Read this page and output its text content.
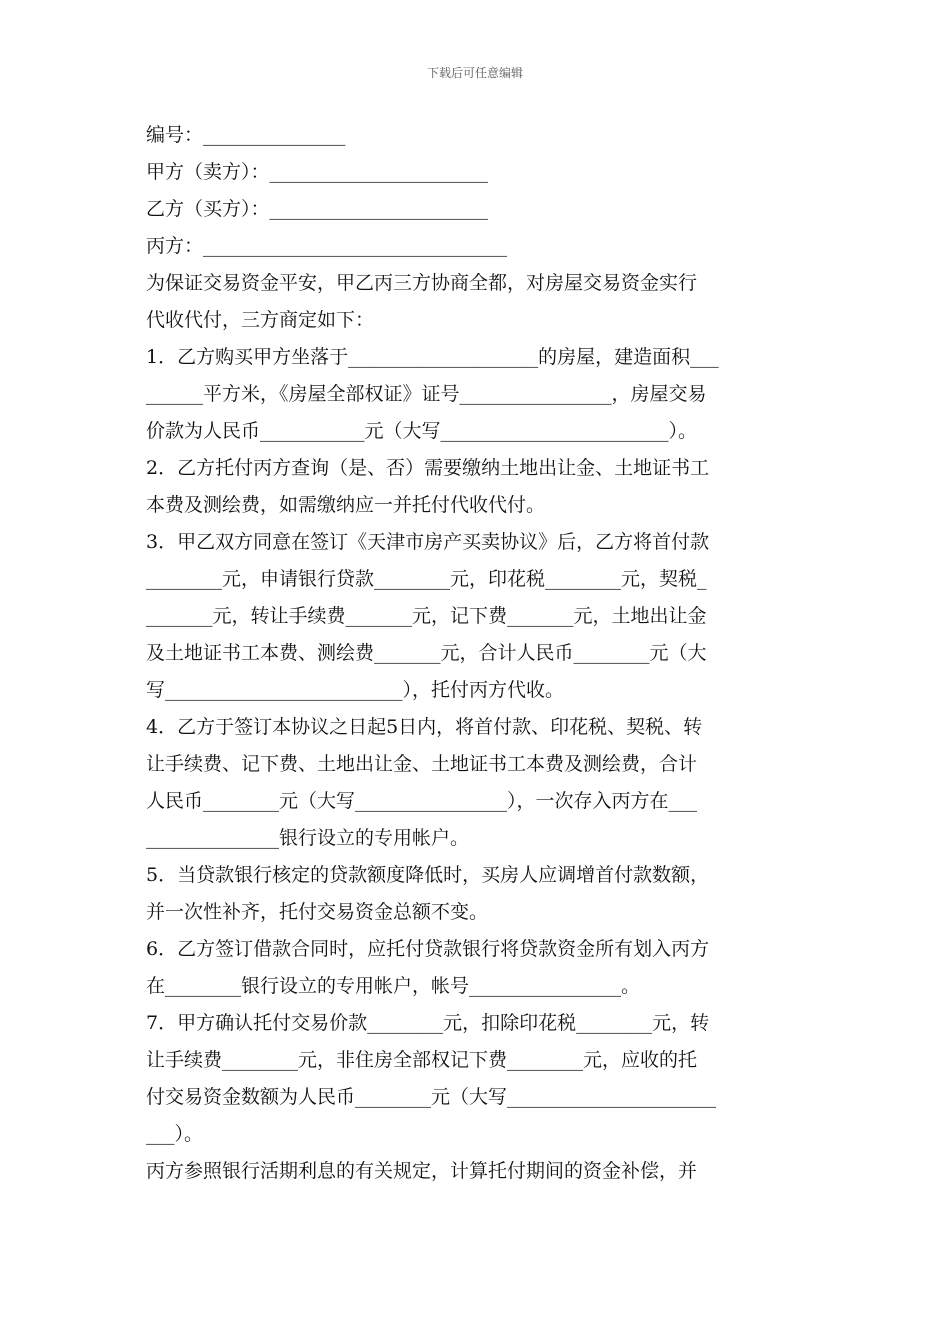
下载后可任意编辑

编号：_______________

甲方（卖方）：_______________________

乙方（买方）：_______________________

丙方：________________________________

为保证交易资金平安，甲乙丙三方协商全都，对房屋交易资金实行

代收代付，三方商定如下：

1．乙方购买甲方坐落于____________________的房屋，建造面积___

______平方米，《房屋全部权证》证号________________，房屋交易

价款为人民币___________元（大写________________________）。

2．乙方托付丙方查询（是、否）需要缴纳土地出让金、土地证书工

本费及测绘费，如需缴纳应一并托付代收代付。

3．甲乙双方同意在签订《天津市房产买卖协议》后，乙方将首付款

________元，申请银行贷款________元，印花税________元，契税_

_______元，转让手续费_______元，记下费_______元，土地出让金

及土地证书工本费、测绘费_______元，合计人民币________元（大

写_________________________），托付丙方代收。

4．乙方于签订本协议之日起5日内，将首付款、印花税、契税、转

让手续费、记下费、土地出让金、土地证书工本费及测绘费，合计

人民币________元（大写________________），一次存入丙方在___

______________银行设立的专用帐户。

5．当贷款银行核定的贷款额度降低时，买房人应调增首付款数额，

并一次性补齐，托付交易资金总额不变。

6．乙方签订借款合同时，应托付贷款银行将贷款资金所有划入丙方

在________银行设立的专用帐户，帐号________________。

7．甲方确认托付交易价款________元，扣除印花税________元，转

让手续费________元，非住房全部权记下费________元，应收的托

付交易资金数额为人民币________元（大写______________________

___）。

丙方参照银行活期利息的有关规定，计算托付期间的资金补偿，并
